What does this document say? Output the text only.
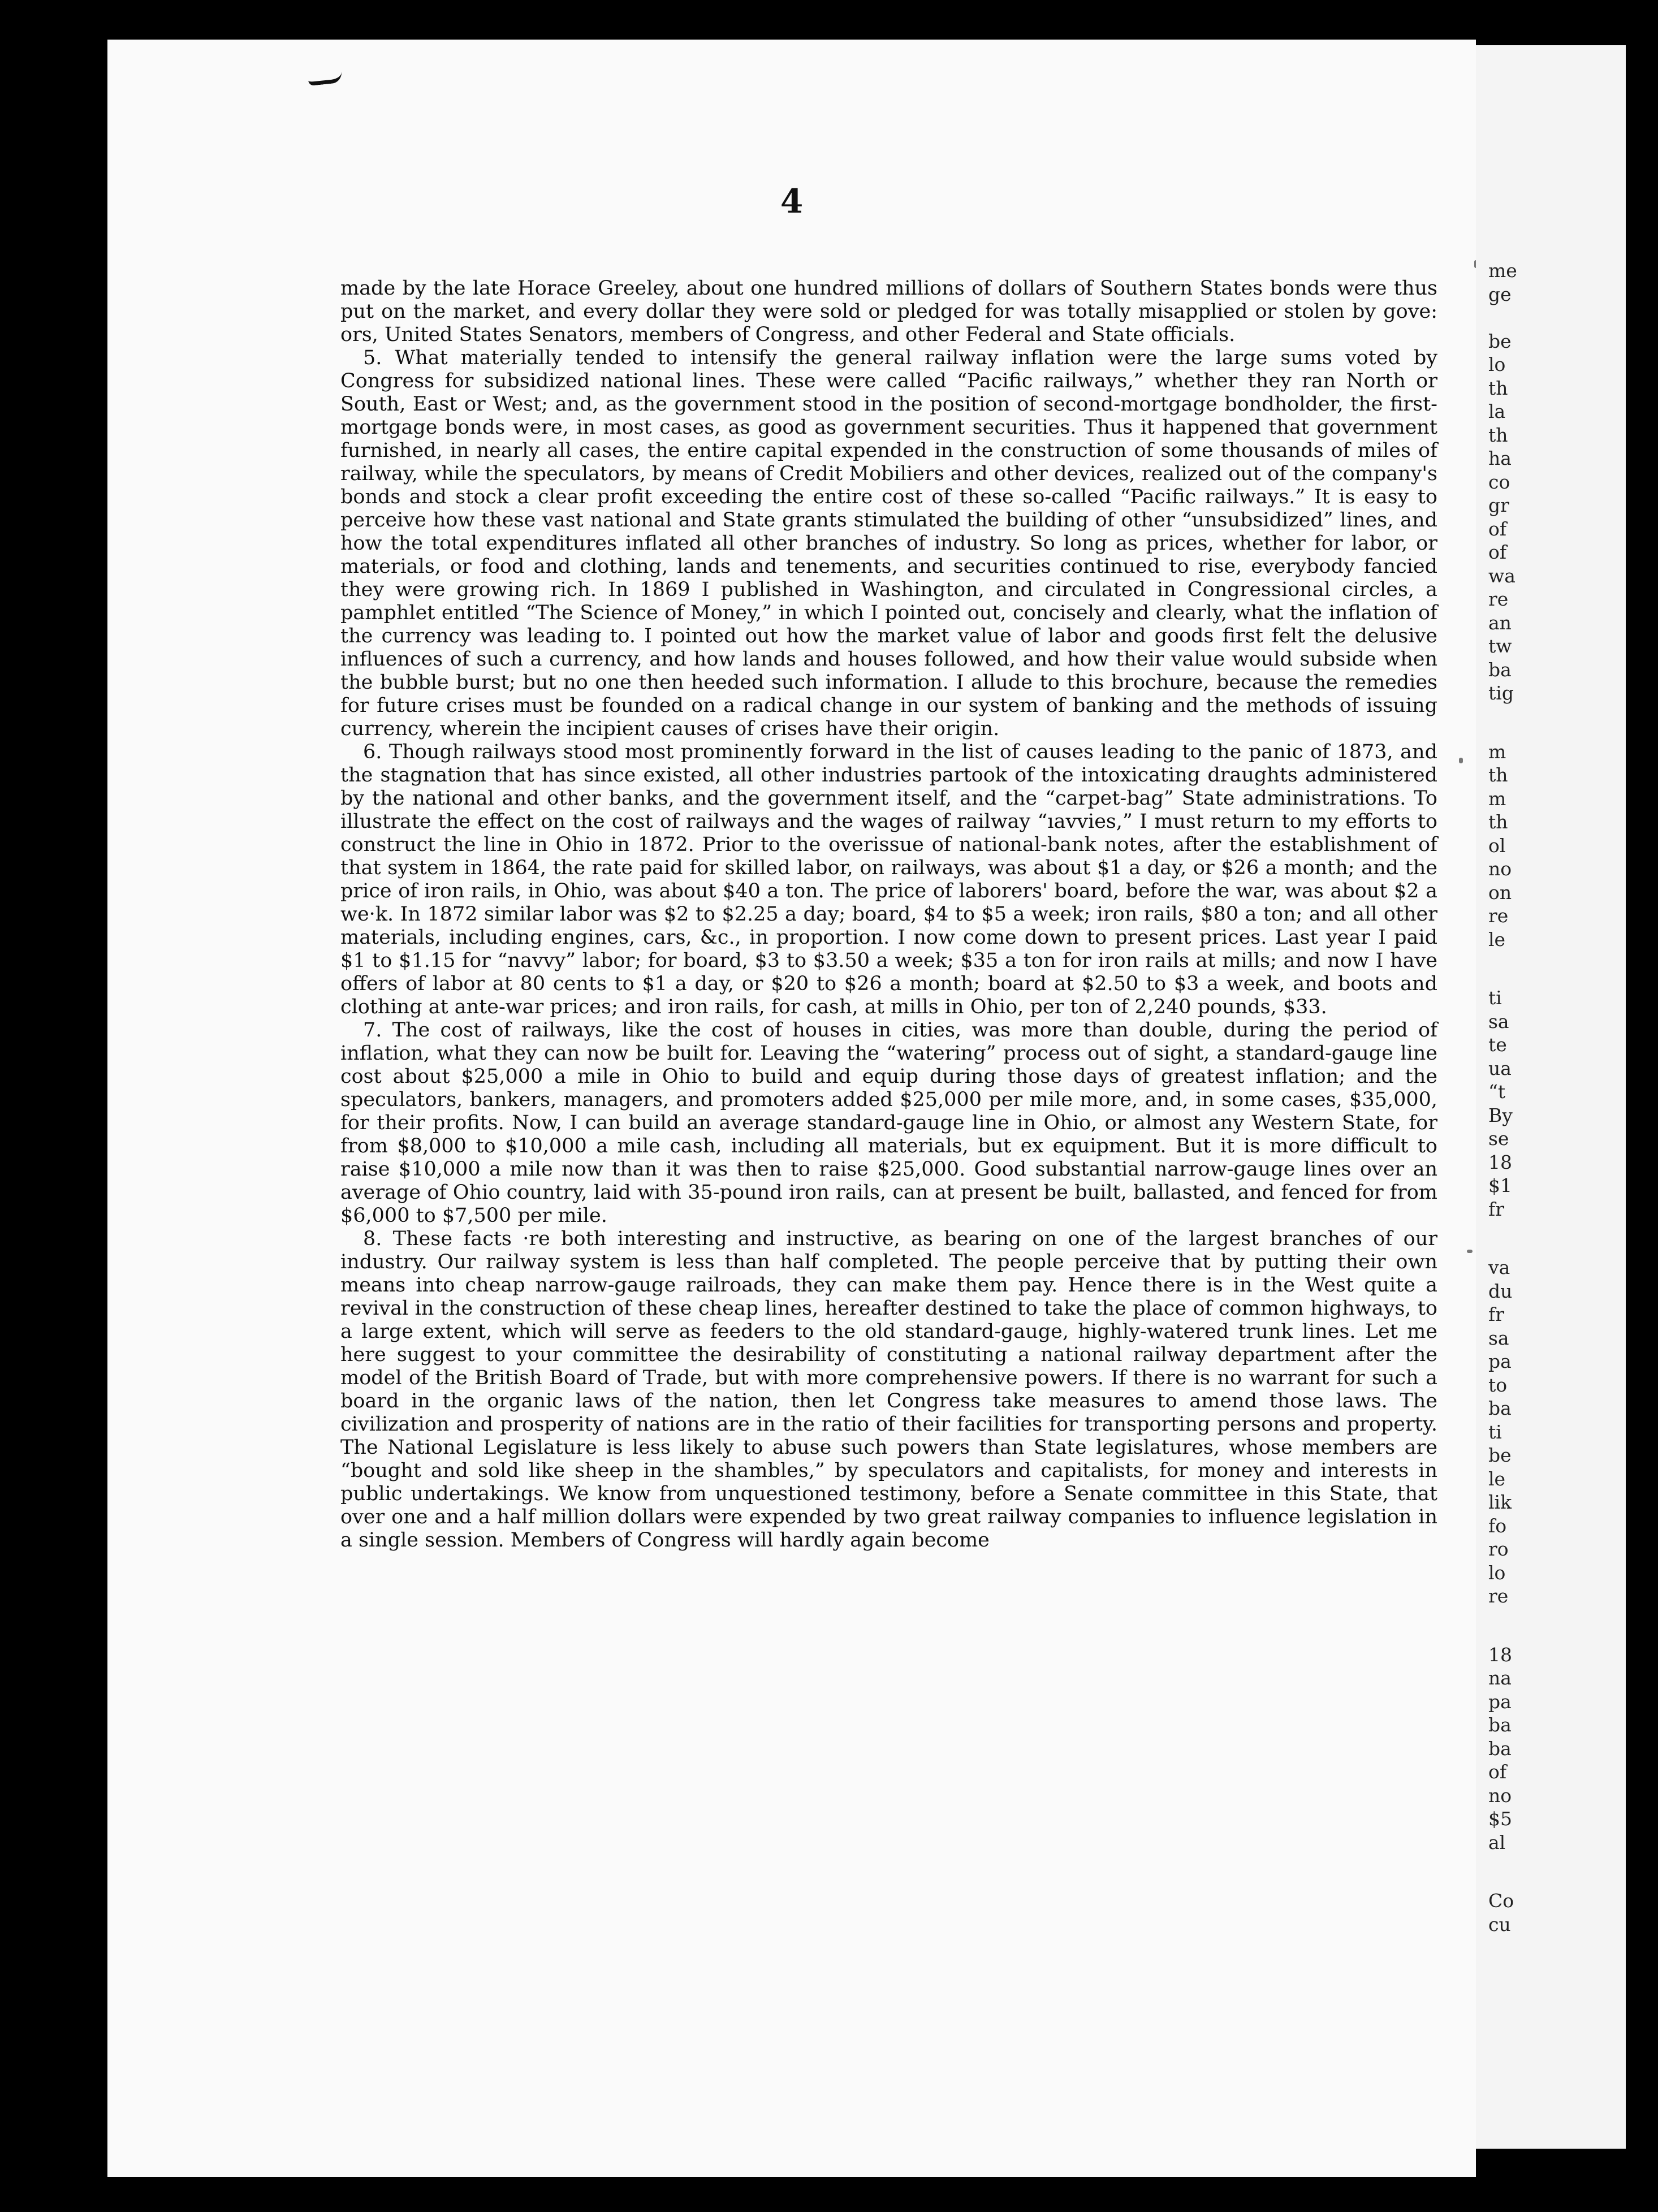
4

made by the late Horace Greeley, about one hundred millions of dollars of Southern States bonds were thus put on the market, and every dollar they were sold or pledged for was totally misapplied or stolen by gove: ors, United States Senators, members of Congress, and other Federal and State officials.

5. What materially tended to intensify the general railway inflation were the large sums voted by Congress for subsidized national lines. These were called “Pacific railways,” whether they ran North or South, East or West; and, as the government stood in the position of second-mortgage bondholder, the first-mortgage bonds were, in most cases, as good as government securities. Thus it happened that government furnished, in nearly all cases, the entire capital expended in the construction of some thousands of miles of railway, while the speculators, by means of Credit Mobiliers and other devices, realized out of the company's bonds and stock a clear profit exceeding the entire cost of these so-called “Pacific railways.” It is easy to perceive how these vast national and State grants stimulated the building of other “unsubsidized” lines, and how the total expenditures inflated all other branches of industry. So long as prices, whether for labor, or materials, or food and clothing, lands and tenements, and securities continued to rise, everybody fancied they were growing rich. In 1869 I published in Washington, and circulated in Congressional circles, a pamphlet entitled “The Science of Money,” in which I pointed out, concisely and clearly, what the inflation of the currency was leading to. I pointed out how the market value of labor and goods first felt the delusive influences of such a currency, and how lands and houses followed, and how their value would subside when the bubble burst; but no one then heeded such information. I allude to this brochure, because the remedies for future crises must be founded on a radical change in our system of banking and the methods of issuing currency, wherein the incipient causes of crises have their origin.

6. Though railways stood most prominently forward in the list of causes leading to the panic of 1873, and the stagnation that has since existed, all other industries partook of the intoxicating draughts administered by the national and other banks, and the government itself, and the “carpet-bag” State administrations. To illustrate the effect on the cost of railways and the wages of railway “ıavvies,” I must return to my efforts to construct the line in Ohio in 1872. Prior to the overissue of national-bank notes, after the establishment of that system in 1864, the rate paid for skilled labor, on railways, was about $1 a day, or $26 a month; and the price of iron rails, in Ohio, was about $40 a ton. The price of laborers' board, before the war, was about $2 a we·k. In 1872 similar labor was $2 to $2.25 a day; board, $4 to $5 a week; iron rails, $80 a ton; and all other materials, including engines, cars, &c., in proportion. I now come down to present prices. Last year I paid $1 to $1.15 for “navvy” labor; for board, $3 to $3.50 a week; $35 a ton for iron rails at mills; and now I have offers of labor at 80 cents to $1 a day, or $20 to $26 a month; board at $2.50 to $3 a week, and boots and clothing at ante-war prices; and iron rails, for cash, at mills in Ohio, per ton of 2,240 pounds, $33.

7. The cost of railways, like the cost of houses in cities, was more than double, during the period of inflation, what they can now be built for. Leaving the “watering” process out of sight, a standard-gauge line cost about $25,000 a mile in Ohio to build and equip during those days of greatest inflation; and the speculators, bankers, managers, and promoters added $25,000 per mile more, and, in some cases, $35,000, for their profits. Now, I can build an average standard-gauge line in Ohio, or almost any Western State, for from $8,000 to $10,000 a mile cash, including all materials, but ex equipment. But it is more difficult to raise $10,000 a mile now than it was then to raise $25,000. Good substantial narrow-gauge lines over an average of Ohio country, laid with 35-pound iron rails, can at present be built, ballasted, and fenced for from $6,000 to $7,500 per mile.

8. These facts ·re both interesting and instructive, as bearing on one of the largest branches of our industry. Our railway system is less than half completed. The people perceive that by putting their own means into cheap narrow-gauge railroads, they can make them pay. Hence there is in the West quite a revival in the construction of these cheap lines, hereafter destined to take the place of common highways, to a large extent, which will serve as feeders to the old standard-gauge, highly-watered trunk lines. Let me here suggest to your committee the desirability of constituting a national railway department after the model of the British Board of Trade, but with more comprehensive powers. If there is no warrant for such a board in the organic laws of the nation, then let Congress take measures to amend those laws. The civilization and prosperity of nations are in the ratio of their facilities for transporting persons and property. The National Legislature is less likely to abuse such powers than State legislatures, whose members are “bought and sold like sheep in the shambles,” by speculators and capitalists, for money and interests in public undertakings. We know from unquestioned testimony, before a Senate committee in this State, that over one and a half million dollars were expended by two great railway companies to influence legislation in a single session. Members of Congress will hardly again become

me
ge

be
lo
th
la
th
ha
co
gr
of
of
wa
re
an
tw
ba
tig
m
th
m
th
ol
no
on
re
le
ti
sa
te
ua
“t
By
se
18
$1
fr
va
du
fr
sa
pa
to
ba
ti
be
le
lik
fo
ro
lo
re
18
na
pa
ba
ba
of
no
$5
al
Co
cu
